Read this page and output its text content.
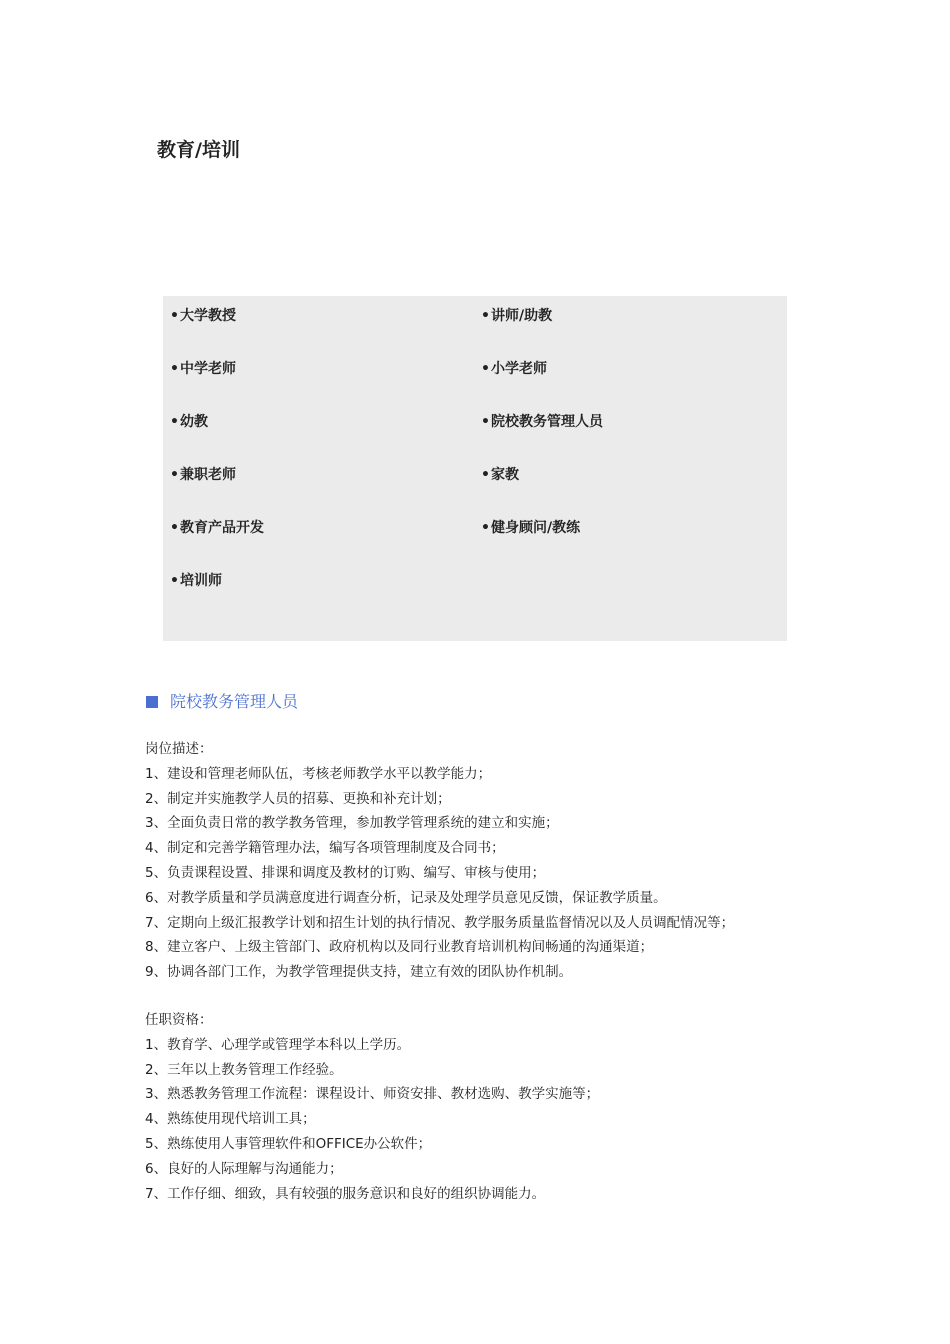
教育/培训
•大学教授
•中学老师
•幼教
•兼职老师
•教育产品开发
•培训师
•讲师/助教
•小学老师
•院校教务管理人员
•家教
•健身顾问/教练
院校教务管理人员
岗位描述：
1、建设和管理老师队伍，考核老师教学水平以教学能力；
2、制定并实施教学人员的招募、更换和补充计划；
3、全面负责日常的教学教务管理，参加教学管理系统的建立和实施；
4、制定和完善学籍管理办法，编写各项管理制度及合同书；
5、负责课程设置、排课和调度及教材的订购、编写、审核与使用；
6、对教学质量和学员满意度进行调查分析，记录及处理学员意见反馈，保证教学质量。
7、定期向上级汇报教学计划和招生计划的执行情况、教学服务质量监督情况以及人员调配情况等；
8、建立客户、上级主管部门、政府机构以及同行业教育培训机构间畅通的沟通渠道；
9、协调各部门工作，为教学管理提供支持，建立有效的团队协作机制。
任职资格：
1、教育学、心理学或管理学本科以上学历。
2、三年以上教务管理工作经验。
3、熟悉教务管理工作流程：课程设计、师资安排、教材选购、教学实施等；
4、熟练使用现代培训工具；
5、熟练使用人事管理软件和OFFICE办公软件；
6、良好的人际理解与沟通能力；
7、工作仔细、细致，具有较强的服务意识和良好的组织协调能力。
